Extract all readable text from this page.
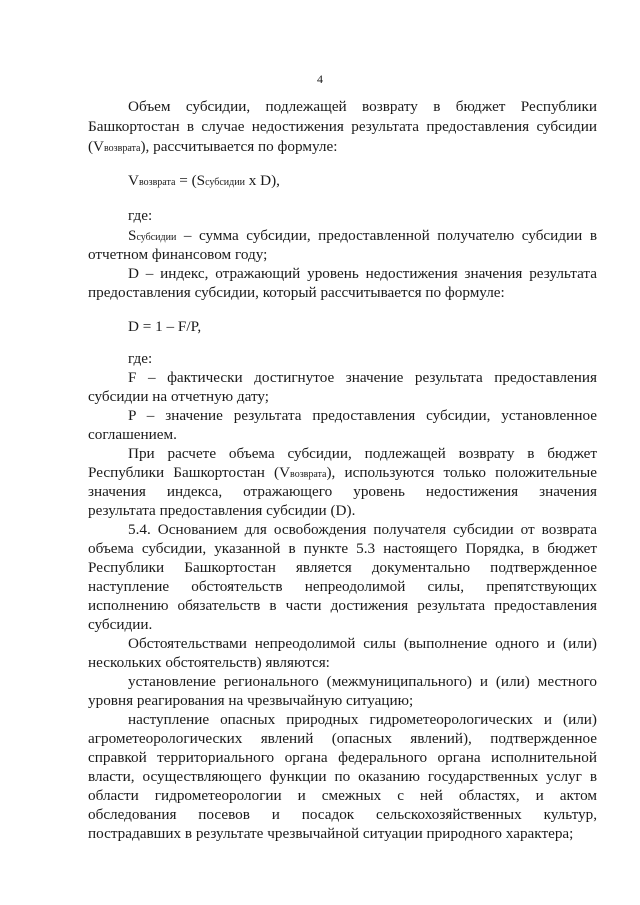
4
Объем субсидии, подлежащей возврату в бюджет Республики
Башкортостан в случае недостижения результата предоставления субсидии
(Vвозврата), рассчитывается по формуле:
Vвозврата = (Sсубсидии х D),
где:
Sсубсидии – сумма субсидии, предоставленной получателю субсидии в
отчетном финансовом году;
D – индекс, отражающий уровень недостижения значения результата
предоставления субсидии, который рассчитывается по формуле:
D = 1 – F/P,
где:
F – фактически достигнутое значение результата предоставления
субсидии на отчетную дату;
P – значение результата предоставления субсидии, установленное
соглашением.
При расчете объема субсидии, подлежащей возврату в бюджет
Республики Башкортостан (Vвозврата), используются только положительные
значения индекса, отражающего уровень недостижения значения
результата предоставления субсидии (D).
5.4. Основанием для освобождения получателя субсидии от возврата
объема субсидии, указанной в пункте 5.3 настоящего Порядка, в бюджет
Республики Башкортостан является документально подтвержденное
наступление обстоятельств непреодолимой силы, препятствующих
исполнению обязательств в части достижения результата предоставления
субсидии.
Обстоятельствами непреодолимой силы (выполнение одного и (или)
нескольких обстоятельств) являются:
установление регионального (межмуниципального) и (или) местного
уровня реагирования на чрезвычайную ситуацию;
наступление опасных природных гидрометеорологических и (или)
агрометеорологических явлений (опасных явлений), подтвержденное
справкой территориального органа федерального органа исполнительной
власти, осуществляющего функции по оказанию государственных услуг в
области гидрометеорологии и смежных с ней областях, и актом
обследования посевов и посадок сельскохозяйственных культур,
пострадавших в результате чрезвычайной ситуации природного характера;
